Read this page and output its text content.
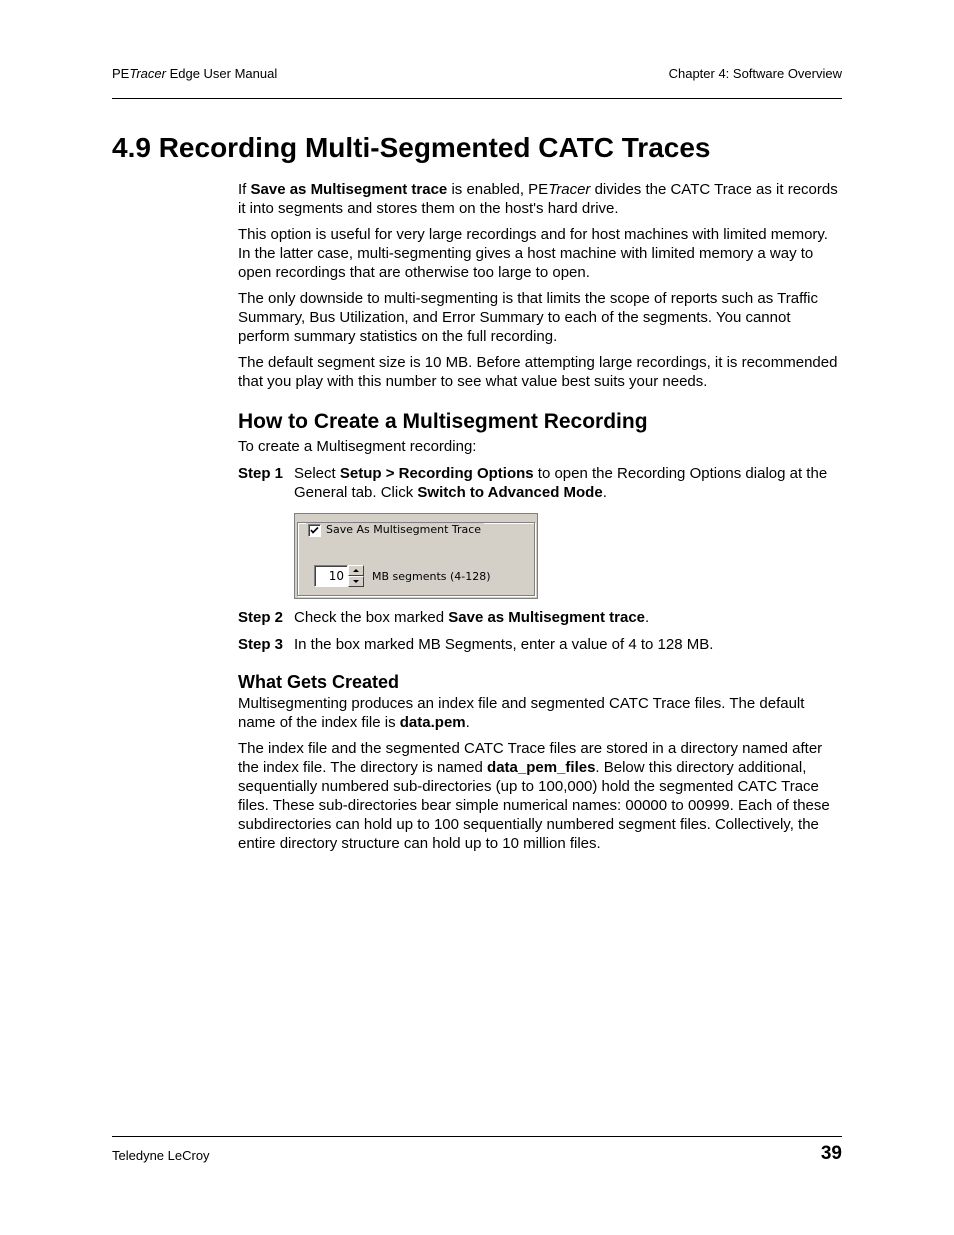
PETracer Edge User Manual	Chapter 4: Software Overview
4.9 Recording Multi-Segmented CATC Traces

If Save as Multisegment trace is enabled, PETracer divides the CATC Trace as it records it into segments and stores them on the host's hard drive.

This option is useful for very large recordings and for host machines with limited memory. In the latter case, multi-segmenting gives a host machine with limited memory a way to open recordings that are otherwise too large to open.

The only downside to multi-segmenting is that limits the scope of reports such as Traffic Summary, Bus Utilization, and Error Summary to each of the segments. You cannot perform summary statistics on the full recording.

The default segment size is 10 MB. Before attempting large recordings, it is recommended that you play with this number to see what value best suits your needs.

How to Create a Multisegment Recording
To create a Multisegment recording:
Step 1 Select Setup > Recording Options to open the Recording Options dialog at the General tab. Click Switch to Advanced Mode.
Save As Multisegment Trace
10	MB segments (4-128)
Step 2 Check the box marked Save as Multisegment trace.
Step 3 In the box marked MB Segments, enter a value of 4 to 128 MB.
What Gets Created

Multisegmenting produces an index file and segmented CATC Trace files. The default name of the index file is data.pem.

The index file and the segmented CATC Trace files are stored in a directory named after the index file. The directory is named data_pem_files. Below this directory additional, sequentially numbered sub-directories (up to 100,000) hold the segmented CATC Trace files. These sub-directories bear simple numerical names: 00000 to 00999. Each of these subdirectories can hold up to 100 sequentially numbered segment files. Collectively, the entire directory structure can hold up to 10 million files.

Teledyne LeCroy	39
